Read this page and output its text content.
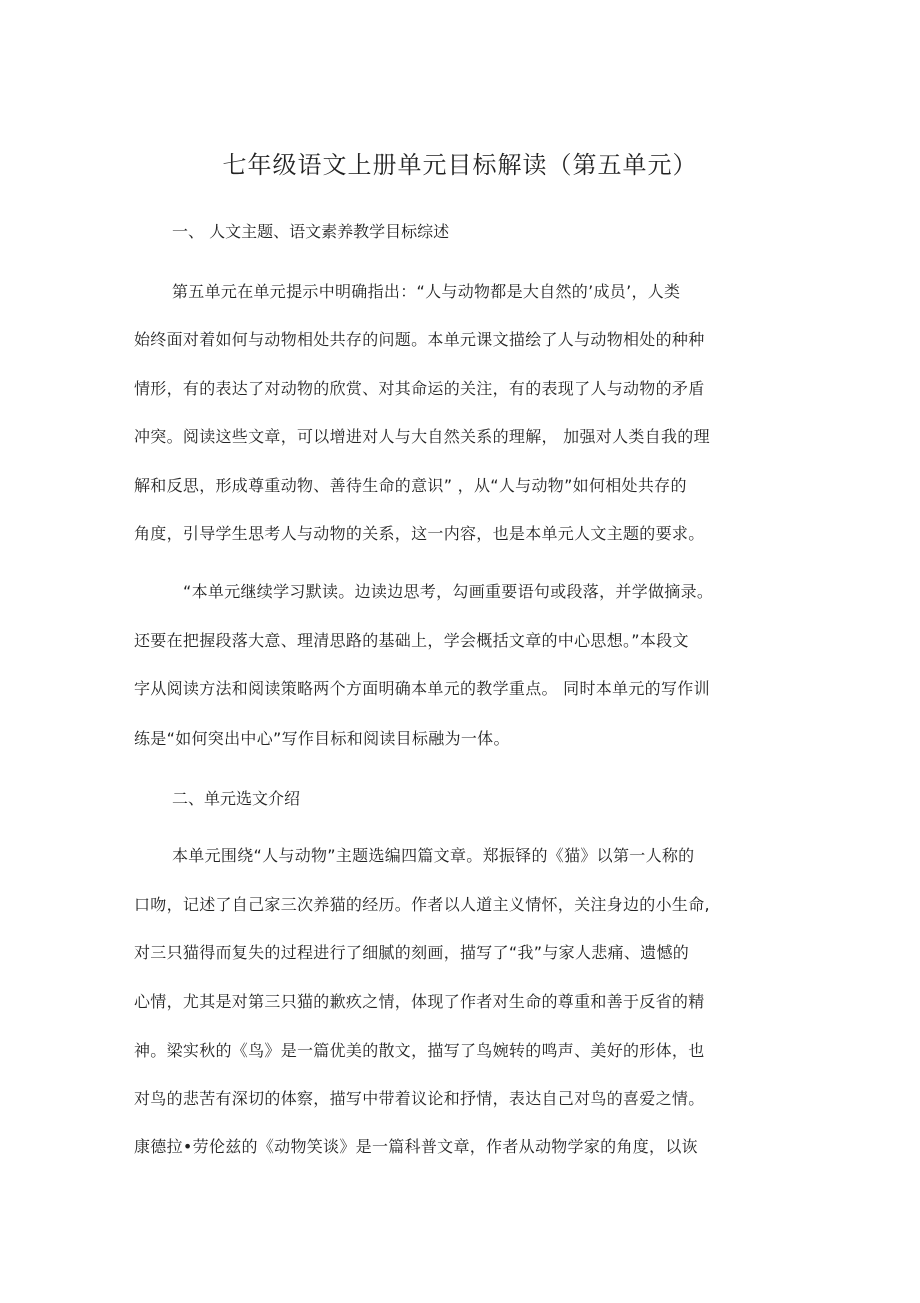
七年级语文上册单元目标解读（第五单元）
一、 人文主题、语文素养教学目标综述
第五单元在单元提示中明确指出：“人与动物都是大自然的’成员’，人类
始终面对着如何与动物相处共存的问题。本单元课文描绘了人与动物相处的种种
情形，有的表达了对动物的欣赏、对其命运的关注，有的表现了人与动物的矛盾
冲突。阅读这些文章，可以增进对人与大自然关系的理解， 加强对人类自我的理
解和反思，形成尊重动物、善待生命的意识” ，从“人与动物”如何相处共存的
角度，引导学生思考人与动物的关系，这一内容，也是本单元人文主题的要求。
“本单元继续学习默读。边读边思考，勾画重要语句或段落，并学做摘录。
还要在把握段落大意、理清思路的基础上，学会概括文章的中心思想。”本段文
字从阅读方法和阅读策略两个方面明确本单元的教学重点。 同时本单元的写作训
练是“如何突出中心”写作目标和阅读目标融为一体。
二、单元选文介绍
本单元围绕“人与动物”主题选编四篇文章。郑振铎的《猫》以第一人称的
口吻，记述了自己家三次养猫的经历。作者以人道主义情怀，关注身边的小生命,
对三只猫得而复失的过程进行了细腻的刻画，描写了“我”与家人悲痛、遗憾的
心情，尤其是对第三只猫的歉疚之情，体现了作者对生命的尊重和善于反省的精
神。梁实秋的《鸟》是一篇优美的散文，描写了鸟婉转的鸣声、美好的形体，也
对鸟的悲苦有深切的体察，描写中带着议论和抒情，表达自己对鸟的喜爱之情。
康德拉•劳伦兹的《动物笑谈》是一篇科普文章，作者从动物学家的角度，以诙
